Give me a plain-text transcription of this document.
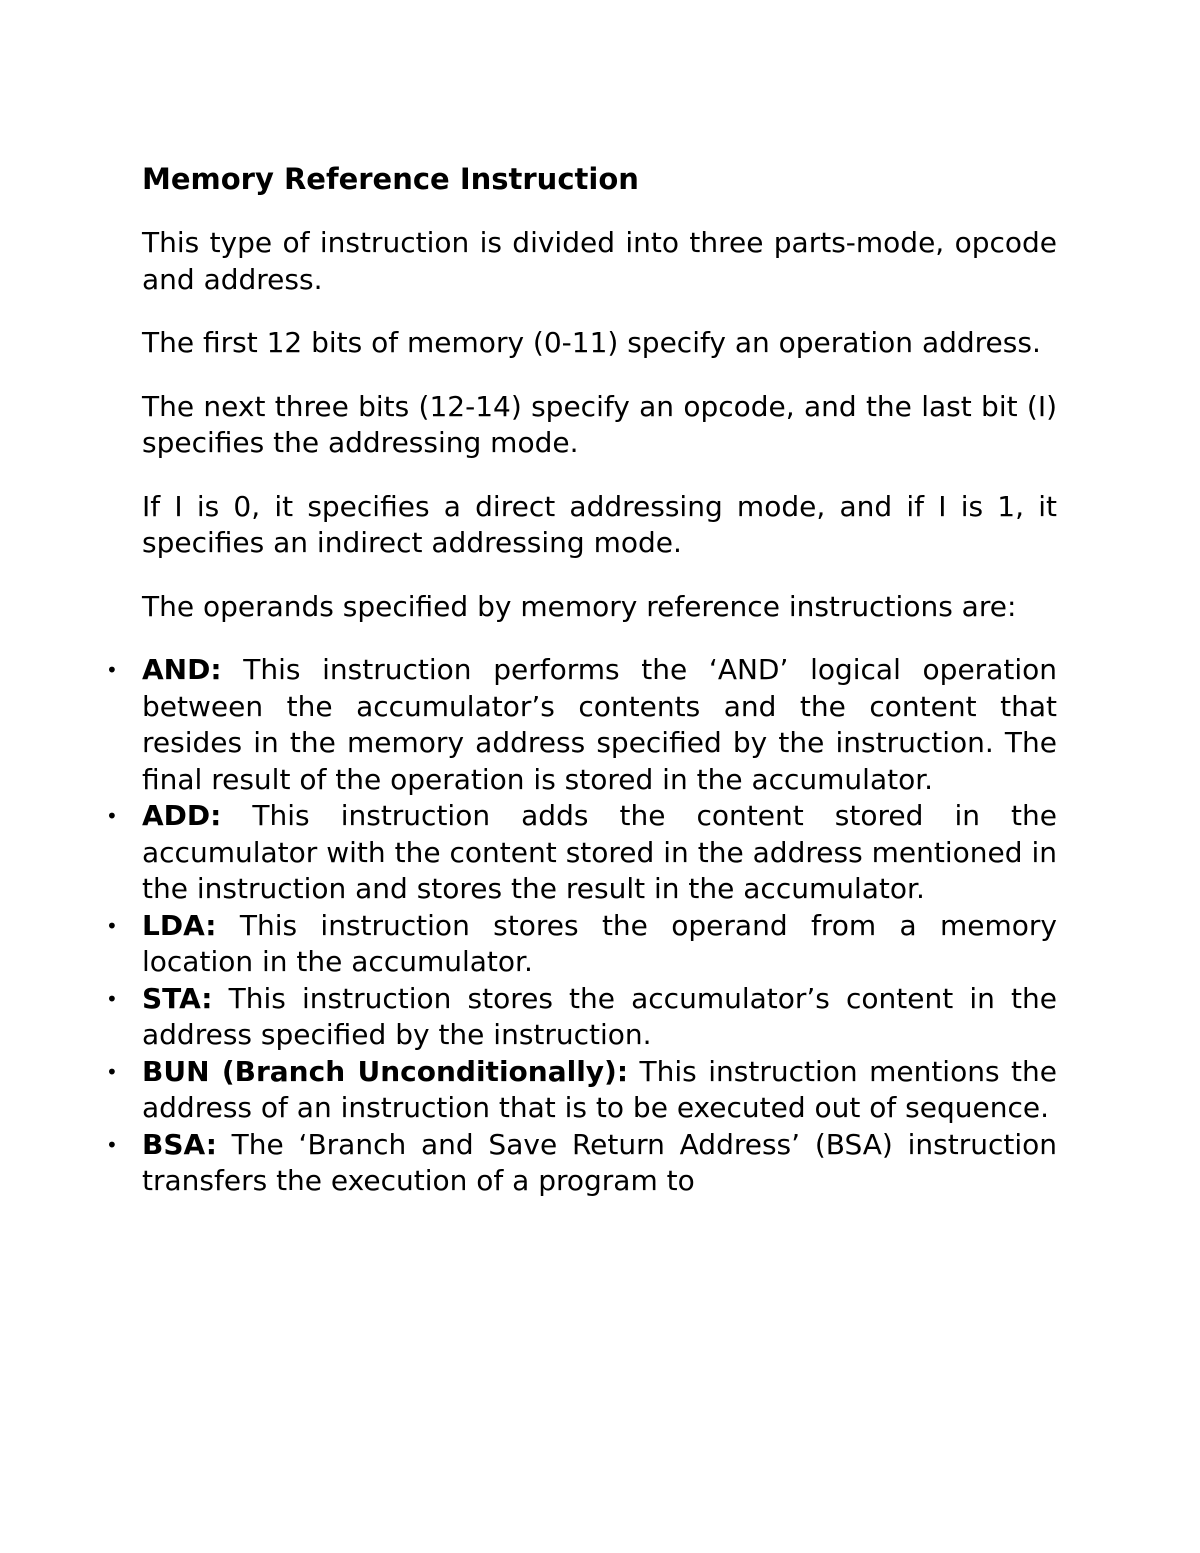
Memory Reference Instruction

This type of instruction is divided into three parts-mode, opcode and address.

The first 12 bits of memory (0-11) specify an operation address.

The next three bits (12-14) specify an opcode, and the last bit (I) specifies the addressing mode.

If I is 0, it specifies a direct addressing mode, and if I is 1, it specifies an indirect addressing mode.

The operands specified by memory reference instructions are:

• AND: This instruction performs the ‘AND’ logical operation between the accumulator’s contents and the content that resides in the memory address specified by the instruction. The final result of the operation is stored in the accumulator.
• ADD: This instruction adds the content stored in the accumulator with the content stored in the address mentioned in the instruction and stores the result in the accumulator.
• LDA: This instruction stores the operand from a memory location in the accumulator.
• STA: This instruction stores the accumulator’s content in the address specified by the instruction.
• BUN (Branch Unconditionally): This instruction mentions the address of an instruction that is to be executed out of sequence.
• BSA: The ‘Branch and Save Return Address’ (BSA) instruction transfers the execution of a program to
